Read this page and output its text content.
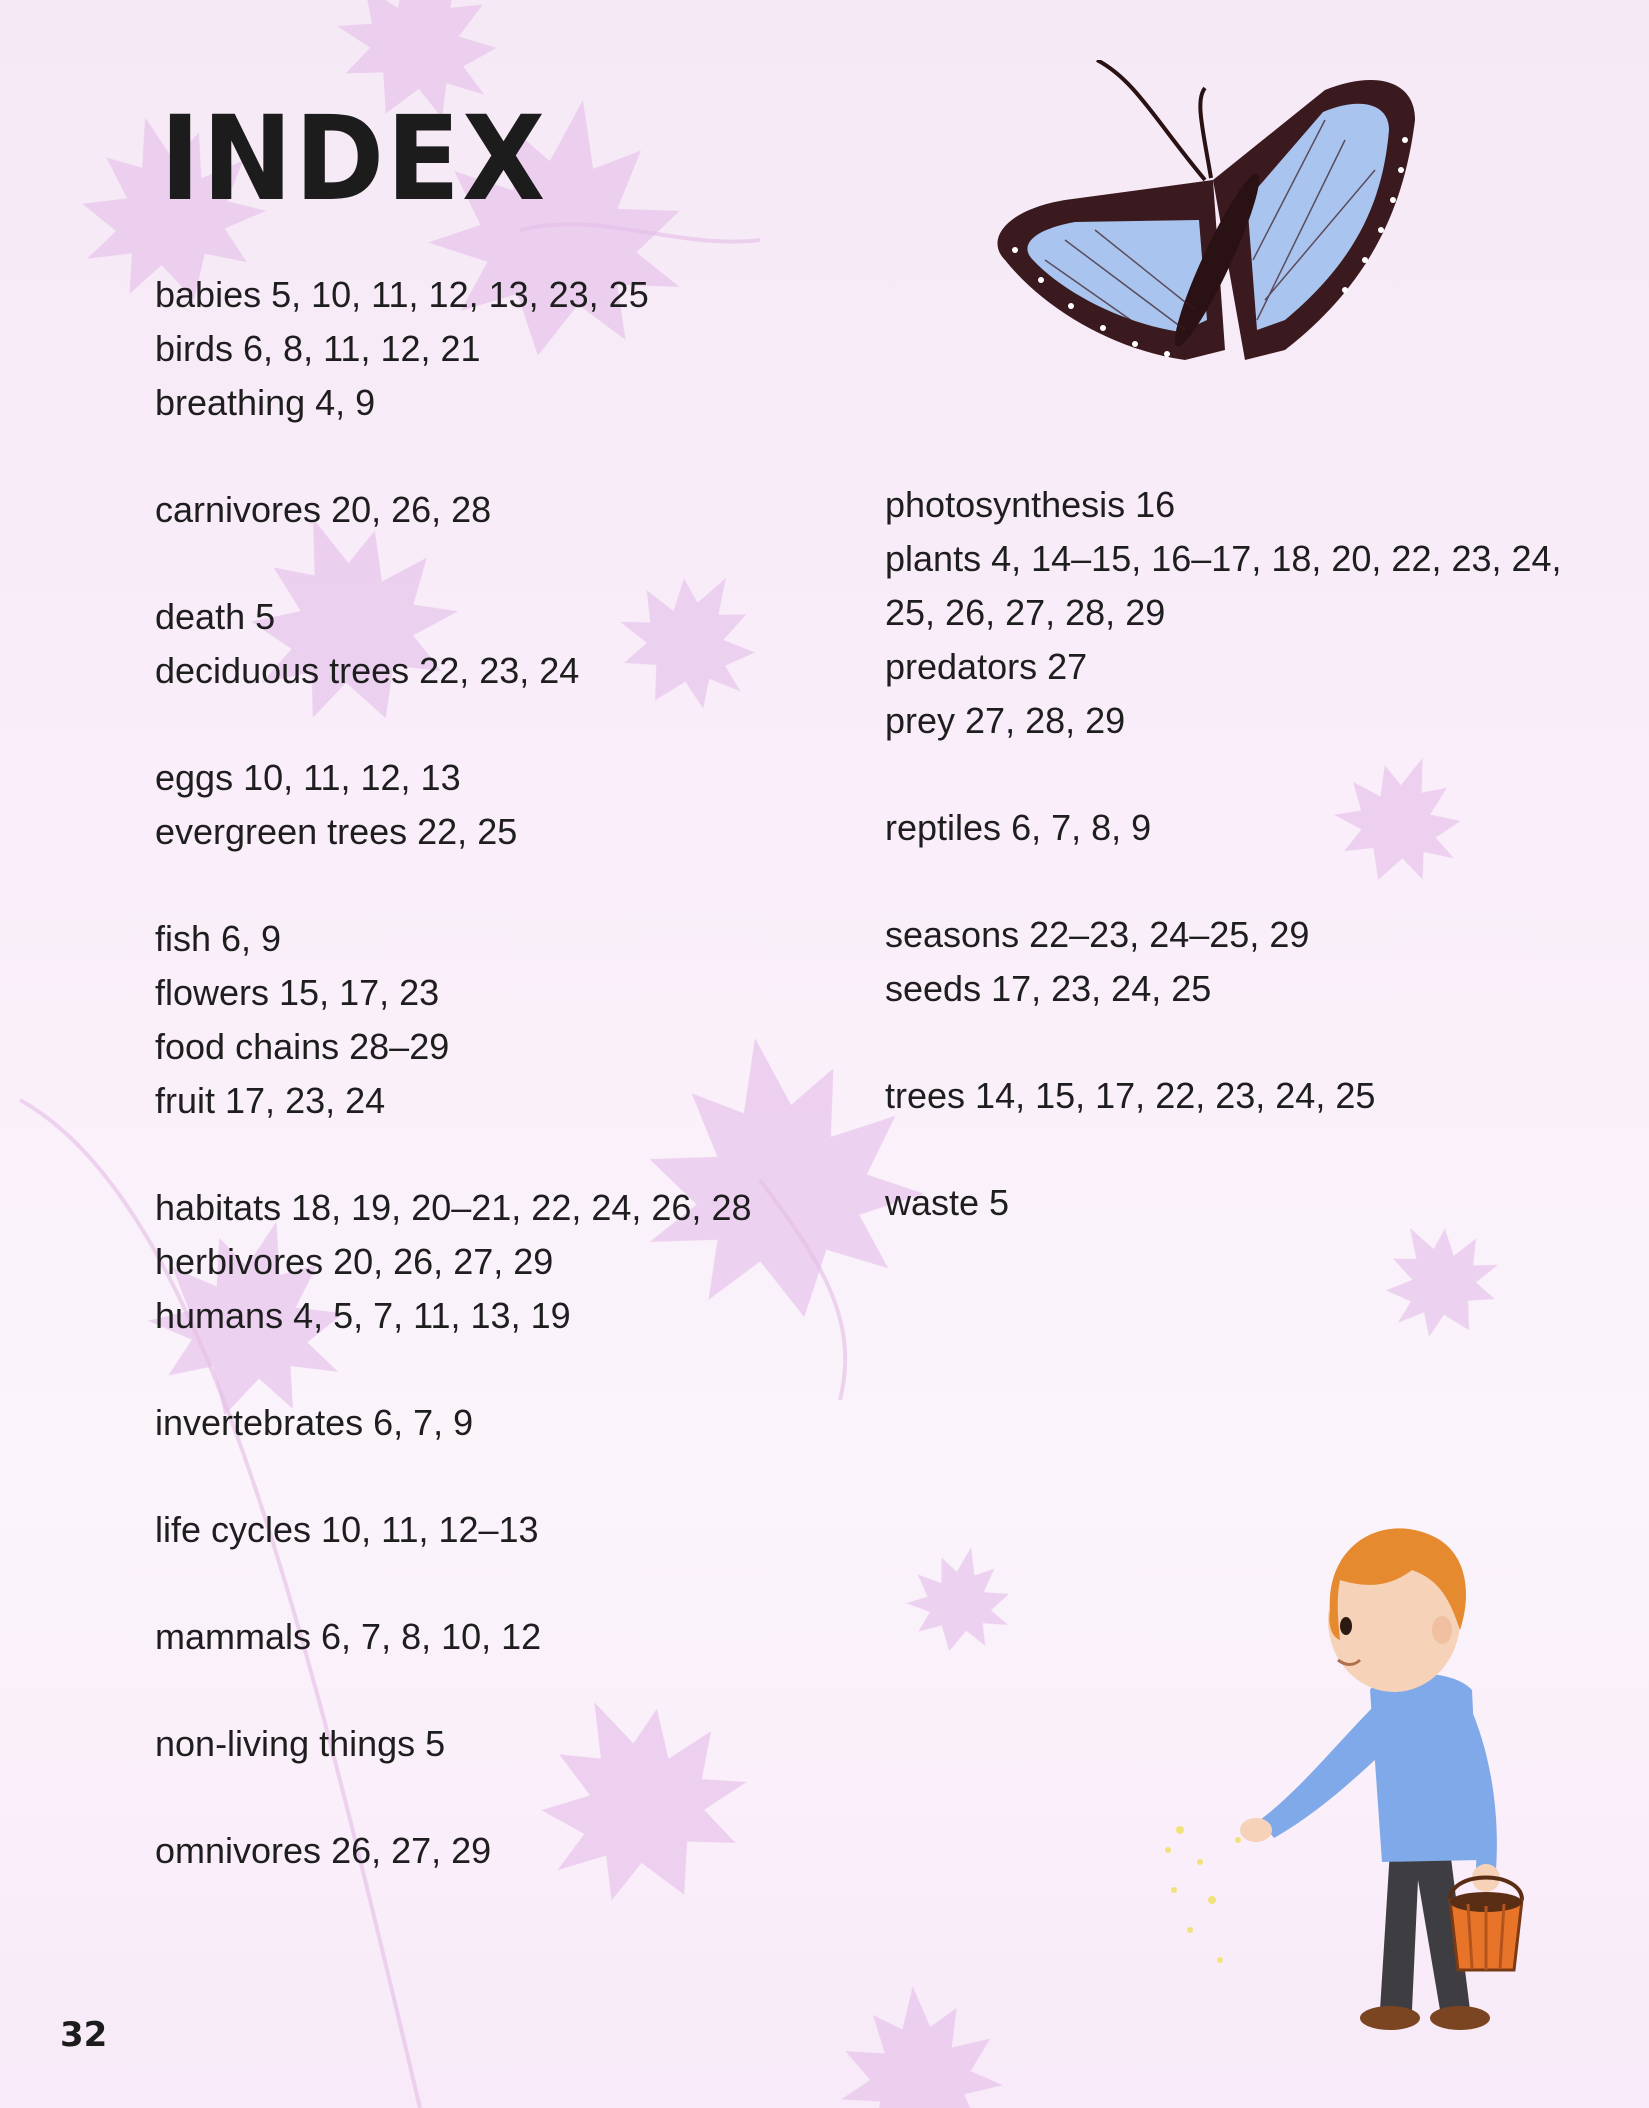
INDEX
babies 5, 10, 11, 12, 13, 23, 25
birds 6, 8, 11, 12, 21
breathing 4, 9
carnivores 20, 26, 28
death 5
deciduous trees 22, 23, 24
eggs 10, 11, 12, 13
evergreen trees 22, 25
fish 6, 9
flowers 15, 17, 23
food chains 28–29
fruit 17, 23, 24
habitats 18, 19, 20–21, 22, 24, 26, 28
herbivores 20, 26, 27, 29
humans 4, 5, 7, 11, 13, 19
invertebrates 6, 7, 9
life cycles 10, 11, 12–13
mammals 6, 7, 8, 10, 12
non-living things 5
omnivores 26, 27, 29
photosynthesis 16
plants 4, 14–15, 16–17, 18, 20, 22, 23, 24,
25, 26, 27, 28, 29
predators 27
prey 27, 28, 29
reptiles 6, 7, 8, 9
seasons 22–23, 24–25, 29
seeds 17, 23, 24, 25
trees 14, 15, 17, 22, 23, 24, 25
waste 5
32
